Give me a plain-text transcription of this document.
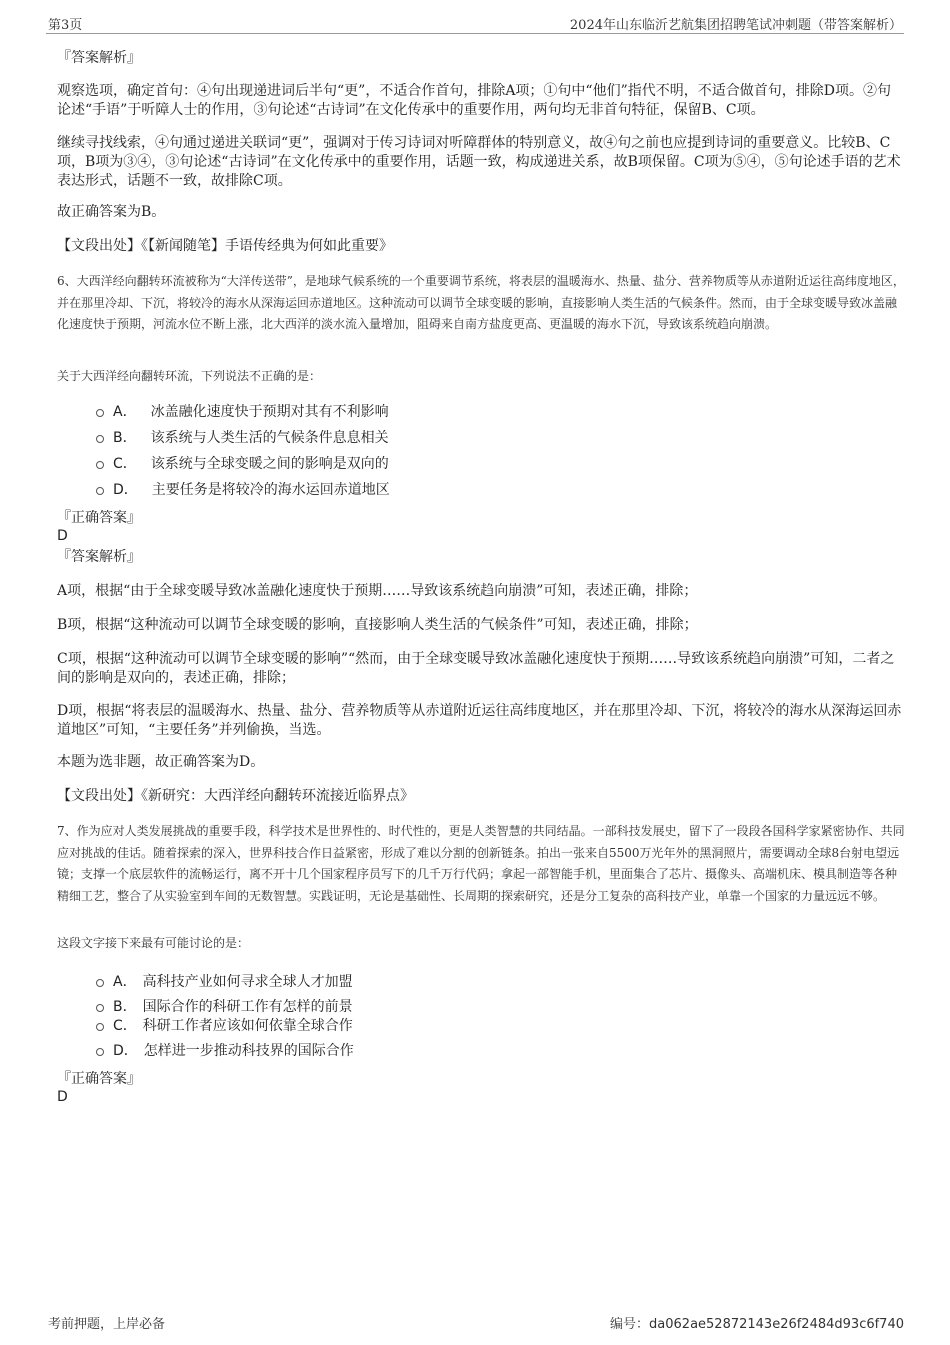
第3页	2024年山东临沂艺航集团招聘笔试冲刺题（带答案解析）

『答案解析』

观察选项，确定首句：④句出现递进词后半句“更”，不适合作首句，排除A项；①句中“他们”指代不明，不适合做首句，排除D项。②句论述“手语”于听障人士的作用，③句论述“古诗词”在文化传承中的重要作用，两句均无非首句特征，保留B、C项。

继续寻找线索，④句通过递进关联词“更”，强调对于传习诗词对听障群体的特别意义，故④句之前也应提到诗词的重要意义。比较B、C项，B项为③④，③句论述“古诗词”在文化传承中的重要作用，话题一致，构成递进关系，故B项保留。C项为⑤④，⑤句论述手语的艺术表达形式，话题不一致，故排除C项。

故正确答案为B。

【文段出处】《【新闻随笔】手语传经典为何如此重要》

6、大西洋经向翻转环流被称为“大洋传送带”，是地球气候系统的一个重要调节系统，将表层的温暖海水、热量、盐分、营养物质等从赤道附近运往高纬度地区，并在那里冷却、下沉，将较冷的海水从深海运回赤道地区。这种流动可以调节全球变暖的影响，直接影响人类生活的气候条件。然而，由于全球变暖导致冰盖融化速度快于预期，河流水位不断上涨，北大西洋的淡水流入量增加，阻碍来自南方盐度更高、更温暖的海水下沉，导致该系统趋向崩溃。

关于大西洋经向翻转环流，下列说法不正确的是：

A． 冰盖融化速度快于预期对其有不利影响
B． 该系统与人类生活的气候条件息息相关
C． 该系统与全球变暖之间的影响是双向的
D． 主要任务是将较冷的海水运回赤道地区

『正确答案』

D

『答案解析』

A项，根据“由于全球变暖导致冰盖融化速度快于预期……导致该系统趋向崩溃”可知，表述正确，排除；

B项，根据“这种流动可以调节全球变暖的影响，直接影响人类生活的气候条件”可知，表述正确，排除；

C项，根据“这种流动可以调节全球变暖的影响”“然而，由于全球变暖导致冰盖融化速度快于预期……导致该系统趋向崩溃”可知，二者之间的影响是双向的，表述正确，排除；

D项，根据“将表层的温暖海水、热量、盐分、营养物质等从赤道附近运往高纬度地区，并在那里冷却、下沉，将较冷的海水从深海运回赤道地区”可知，“主要任务”并列偷换，当选。

本题为选非题，故正确答案为D。

【文段出处】《新研究：大西洋经向翻转环流接近临界点》

7、作为应对人类发展挑战的重要手段，科学技术是世界性的、时代性的，更是人类智慧的共同结晶。一部科技发展史，留下了一段段各国科学家紧密协作、共同应对挑战的佳话。随着探索的深入，世界科技合作日益紧密，形成了难以分割的创新链条。拍出一张来自5500万光年外的黑洞照片，需要调动全球8台射电望远镜；支撑一个底层软件的流畅运行，离不开十几个国家程序员写下的几千万行代码；拿起一部智能手机，里面集合了芯片、摄像头、高端机床、模具制造等各种精细工艺，整合了从实验室到车间的无数智慧。实践证明，无论是基础性、长周期的探索研究，还是分工复杂的高科技产业，单靠一个国家的力量远远不够。

这段文字接下来最有可能讨论的是：

A． 高科技产业如何寻求全球人才加盟
B． 国际合作的科研工作有怎样的前景
C． 科研工作者应该如何依靠全球合作
D． 怎样进一步推动科技界的国际合作

『正确答案』

D

考前押题，上岸必备	编号：da062ae52872143e26f2484d93c6f740
